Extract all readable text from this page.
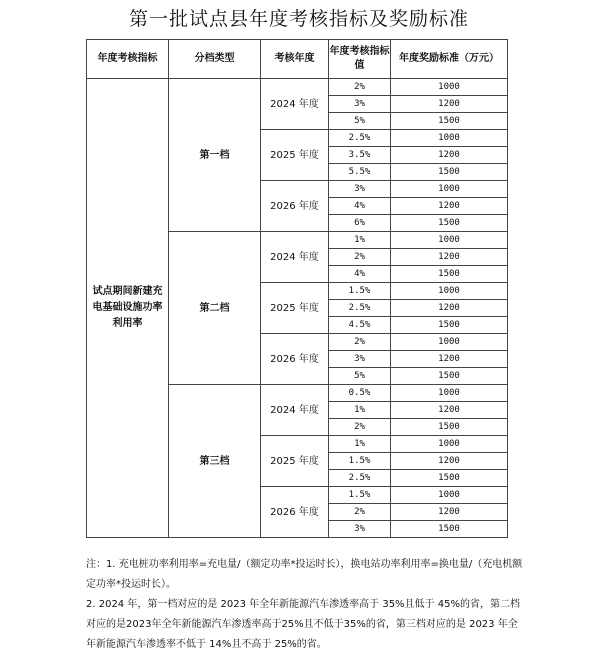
第一批试点县年度考核指标及奖励标准
年度考核指标	分档类型	考核年度	年度考核指标值	年度奖励标准（万元）
试点期间新建充电基础设施功率利用率	第一档	2024 年度	2%	1000
			3%	1200
			5%	1500
		2025 年度	2.5%	1000
			3.5%	1200
			5.5%	1500
		2026 年度	3%	1000
			4%	1200
			6%	1500
	第二档	2024 年度	1%	1000
			2%	1200
			4%	1500
		2025 年度	1.5%	1000
			2.5%	1200
			4.5%	1500
		2026 年度	2%	1000
			3%	1200
			5%	1500
	第三档	2024 年度	0.5%	1000
			1%	1200
			2%	1500
		2025 年度	1%	1000
			1.5%	1200
			2.5%	1500
		2026 年度	1.5%	1000
			2%	1200
			3%	1500

注：1. 充电桩功率利用率=充电量/（额定功率*投运时长），换电站功率利用率=换电量/（充电机额定功率*投运时长）。

2. 2024 年，第一档对应的是 2023 年全年新能源汽车渗透率高于 35%且低于 45%的省，第二档对应的是2023年全年新能源汽车渗透率高于25%且不低于35%的省，第三档对应的是 2023 年全年新能源汽车渗透率不低于 14%且不高于 25%的省。
